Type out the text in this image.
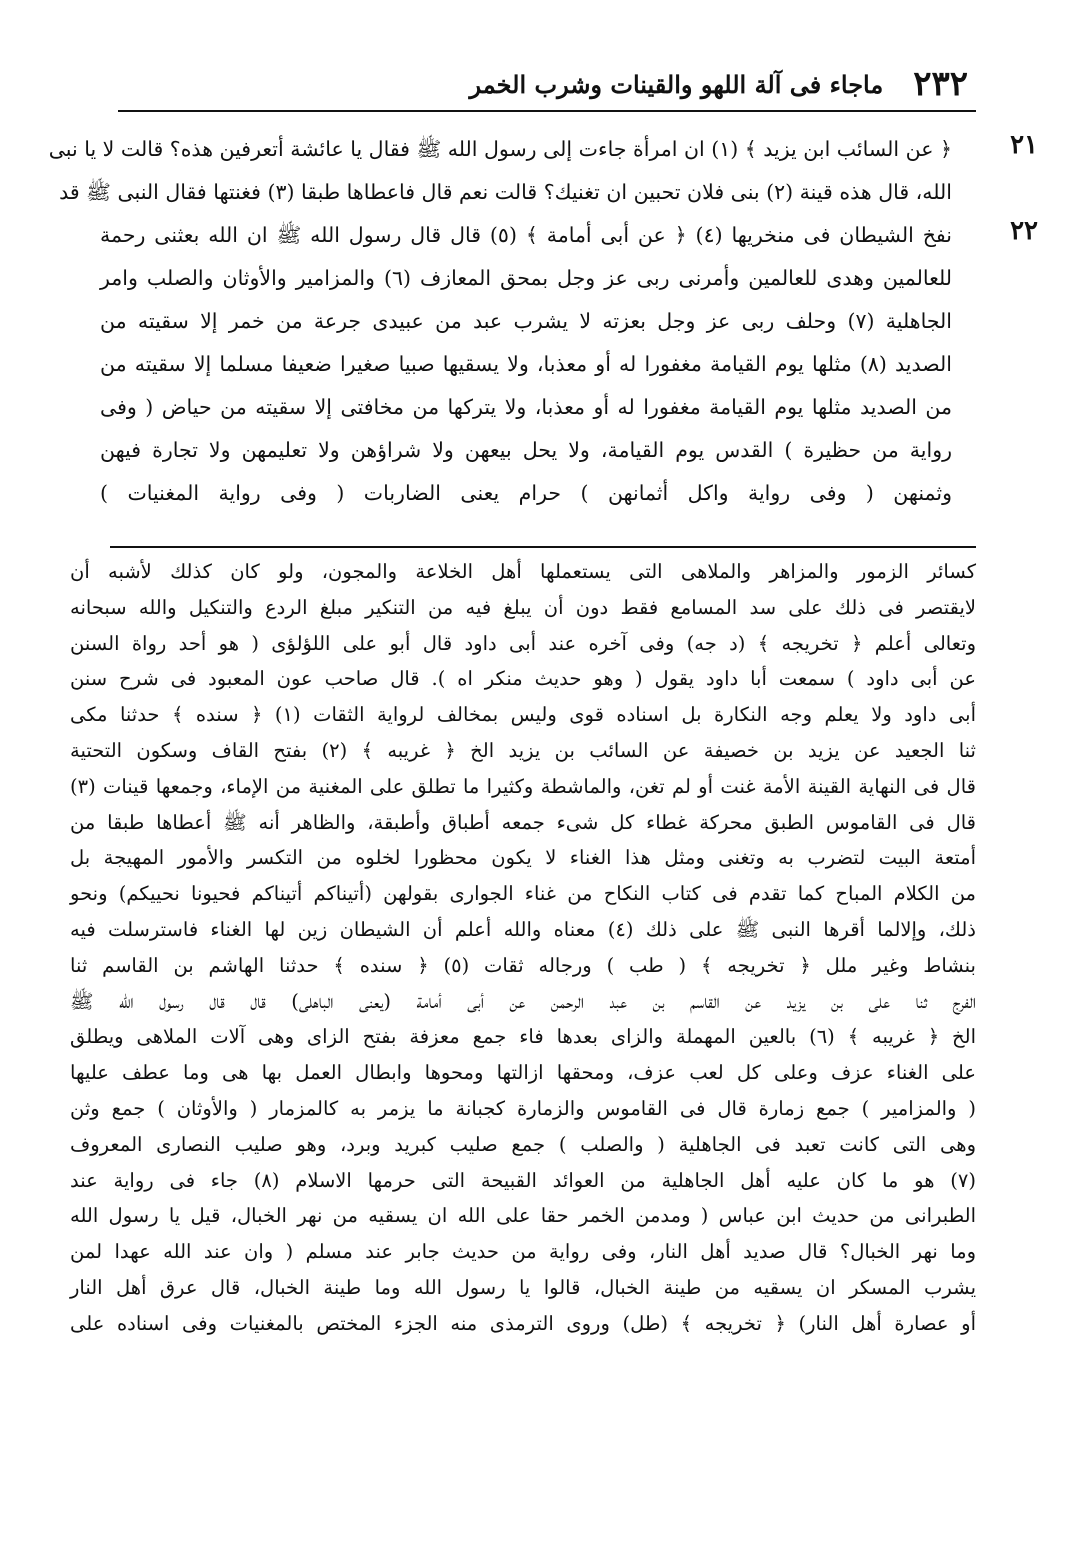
٢٣٢
ماجاء فى آلة اللهو والقينات وشرب الخمر
٢١
﴿ عن السائب ابن يزيد ﴾ (١) ان امرأة جاءت إلى رسول الله ﷺ فقال يا عائشة أتعرفين هذه؟ قالت لا يا نبى
الله، قال هذه قينة (٢) بنى فلان تحبين ان تغنيك؟ قالت نعم قال فاعطاها طبقا (٣) فغنتها فقال النبى ﷺ قد
٢٢
نفخ الشيطان فى منخريها (٤) ﴿ عن أبى أمامة ﴾ (٥) قال قال رسول الله ﷺ ان الله بعثنى رحمة
للعالمين وهدى للعالمين وأمرنى ربى عز وجل بمحق المعازف (٦) والمزامير والأوثان والصلب وامر
الجاهلية (٧) وحلف ربى عز وجل بعزته لا يشرب عبد من عبيدى جرعة من خمر إلا سقيته من
الصديد (٨) مثلها يوم القيامة مغفورا له أو معذبا، ولا يسقيها صبيا صغيرا ضعيفا مسلما إلا سقيته من
من الصديد مثلها يوم القيامة مغفورا له أو معذبا، ولا يتركها من مخافتى إلا سقيته من حياض ( وفى
رواية من حظيرة ) القدس يوم القيامة، ولا يحل بيعهن ولا شراؤهن ولا تعليمهن ولا تجارة فيهن
وثمنهن ( وفى رواية واكل أثمانهن ) حرام يعنى الضاربات ( وفى رواية المغنيات )
كسائر الزمور والمزاهر والملاهى التى يستعملها أهل الخلاعة والمجون، ولو كان كذلك لأشبه أن
لايقتصر فى ذلك على سد المسامع فقط دون أن يبلغ فيه من التنكير مبلغ الردع والتنكيل والله سبحانه
وتعالى أعلم ﴿ تخريجه ﴾ (د جه) وفى آخره عند أبى داود قال أبو على اللؤلؤى ( هو أحد رواة السنن
عن أبى داود ) سمعت أبا داود يقول ( وهو حديث منكر اه ). قال صاحب عون المعبود فى شرح سنن
أبى داود ولا يعلم وجه النكارة بل اسناده قوى وليس بمخالف لرواية الثقات (١) ﴿ سنده ﴾ حدثنا مكى
ثنا الجعيد عن يزيد بن خصيفة عن السائب بن يزيد الخ ﴿ غريبه ﴾ (٢) بفتح القاف وسكون التحتية
قال فى النهاية القينة الأمة غنت أو لم تغن، والماشطة وكثيرا ما تطلق على المغنية من الإماء، وجمعها قينات (٣)
قال فى القاموس الطبق محركة غطاء كل شىء جمعه أطباق وأطبقة، والظاهر أنه ﷺ أعطاها طبقا من
أمتعة البيت لتضرب به وتغنى ومثل هذا الغناء لا يكون محظورا لخلوه من التكسر والأمور المهيجة بل
من الكلام المباح كما تقدم فى كتاب النكاح من غناء الجوارى بقولهن (أتيناكم أتيناكم فحيونا نحييكم) ونحو
ذلك، وإلالما أقرها النبى ﷺ على ذلك (٤) معناه والله أعلم أن الشيطان زين لها الغناء فاسترسلت فيه
بنشاط وغير ملل ﴿ تخريجه ﴾ ( طب ) ورجاله ثقات (٥) ﴿ سنده ﴾ حدثنا الهاشم بن القاسم ثنا
الفرج ثنا على بن يزيد عن القاسم بن عبد الرحمن عن أبى أمامة (يعنى الباهلى) قال قال رسول الله ﷺ
الخ ﴿ غريبه ﴾ (٦) بالعين المهملة والزاى بعدها فاء جمع معزفة بفتح الزاى وهى آلات الملاهى ويطلق
على الغناء عزف وعلى كل لعب عزف، ومحقها ازالتها ومحوها وابطال العمل بها هى وما عطف عليها
( والمزامير ) جمع زمارة قال فى القاموس والزمارة كجبانة ما يزمر به كالمزمار ( والأوثان ) جمع وثن
وهى التى كانت تعبد فى الجاهلية ( والصلب ) جمع صليب كبريد وبرد، وهو صليب النصارى المعروف
(٧) هو ما كان عليه أهل الجاهلية من العوائد القبيحة التى حرمها الاسلام (٨) جاء فى رواية عند
الطبرانى من حديث ابن عباس ( ومدمن الخمر حقا على الله ان يسقيه من نهر الخبال، قيل يا رسول الله
وما نهر الخبال؟ قال صديد أهل النار، وفى رواية من حديث جابر عند مسلم ( وان عند الله عهدا لمن
يشرب المسكر ان يسقيه من طينة الخبال، قالوا يا رسول الله وما طينة الخبال، قال عرق أهل النار
أو عصارة أهل النار) ﴿ تخريجه ﴾ (طل) وروى الترمذى منه الجزء المختص بالمغنيات وفى اسناده على
